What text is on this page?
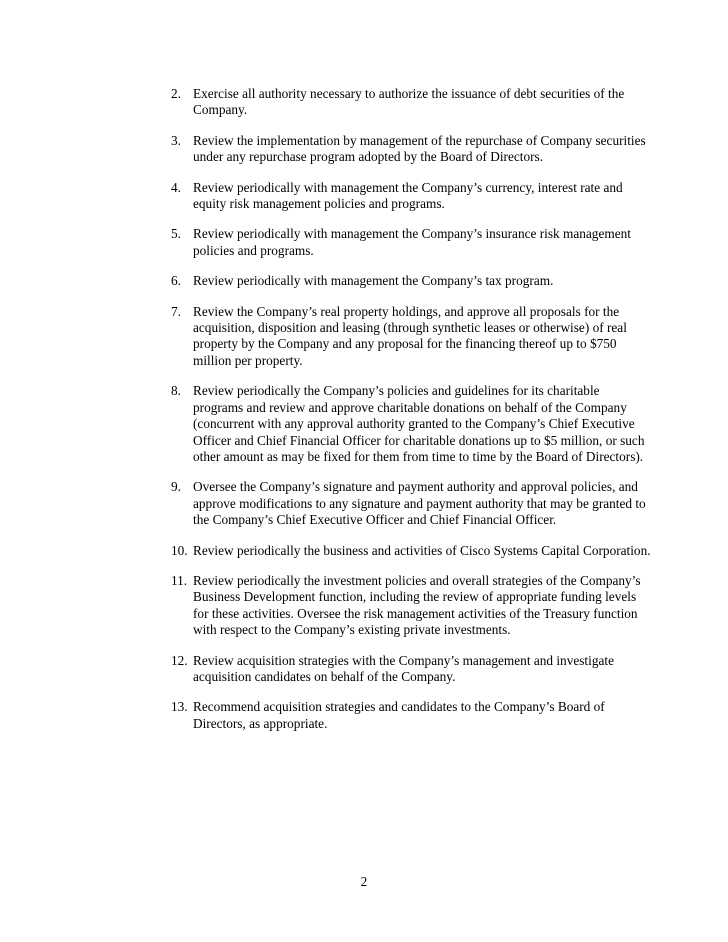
2. Exercise all authority necessary to authorize the issuance of debt securities of the Company.
3. Review the implementation by management of the repurchase of Company securities under any repurchase program adopted by the Board of Directors.
4. Review periodically with management the Company’s currency, interest rate and equity risk management policies and programs.
5. Review periodically with management the Company’s insurance risk management policies and programs.
6. Review periodically with management the Company’s tax program.
7. Review the Company’s real property holdings, and approve all proposals for the acquisition, disposition and leasing (through synthetic leases or otherwise) of real property by the Company and any proposal for the financing thereof up to $750 million per property.
8. Review periodically the Company’s policies and guidelines for its charitable programs and review and approve charitable donations on behalf of the Company (concurrent with any approval authority granted to the Company’s Chief Executive Officer and Chief Financial Officer for charitable donations up to $5 million, or such other amount as may be fixed for them from time to time by the Board of Directors).
9. Oversee the Company’s signature and payment authority and approval policies, and approve modifications to any signature and payment authority that may be granted to the Company’s Chief Executive Officer and Chief Financial Officer.
10. Review periodically the business and activities of Cisco Systems Capital Corporation.
11. Review periodically the investment policies and overall strategies of the Company’s Business Development function, including the review of appropriate funding levels for these activities. Oversee the risk management activities of the Treasury function with respect to the Company’s existing private investments.
12. Review acquisition strategies with the Company’s management and investigate acquisition candidates on behalf of the Company.
13. Recommend acquisition strategies and candidates to the Company’s Board of Directors, as appropriate.
2
